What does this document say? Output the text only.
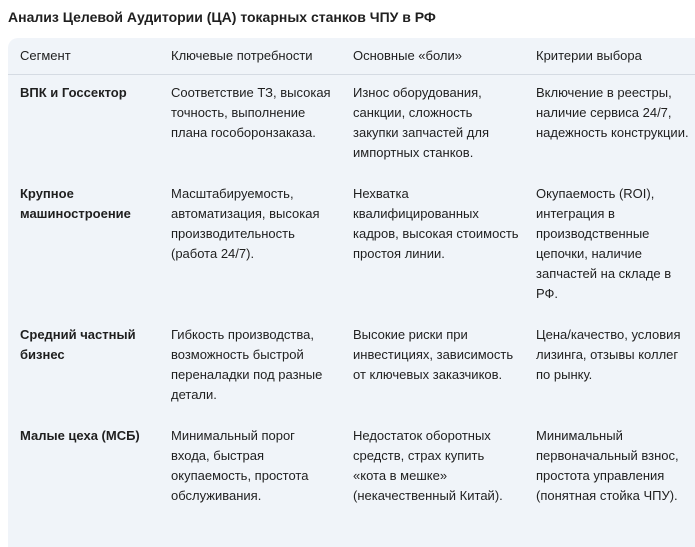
Анализ Целевой Аудитории (ЦА) токарных станков ЧПУ в РФ
Сегмент	Ключевые потребности	Основные «боли»	Критерии выбора
ВПК и Госсектор	Соответствие ТЗ, высокая точность, выполнение плана гособоронзаказа.	Износ оборудования, санкции, сложность закупки запчастей для импортных станков.	Включение в реестры, наличие сервиса 24/7, надежность конструкции.
Крупное машиностроение	Масштабируемость, автоматизация, высокая производительность (работа 24/7).	Нехватка квалифицированных кадров, высокая стоимость простоя линии.	Окупаемость (ROI), интеграция в производственные цепочки, наличие запчастей на складе в РФ.
Средний частный бизнес	Гибкость производства, возможность быстрой переналадки под разные детали.	Высокие риски при инвестициях, зависимость от ключевых заказчиков.	Цена/качество, условия лизинга, отзывы коллег по рынку.
Малые цеха (МСБ)	Минимальный порог входа, быстрая окупаемость, простота обслуживания.	Недостаток оборотных средств, страх купить «кота в мешке» (некачественный Китай).	Минимальный первоначальный взнос, простота управления (понятная стойка ЧПУ).
